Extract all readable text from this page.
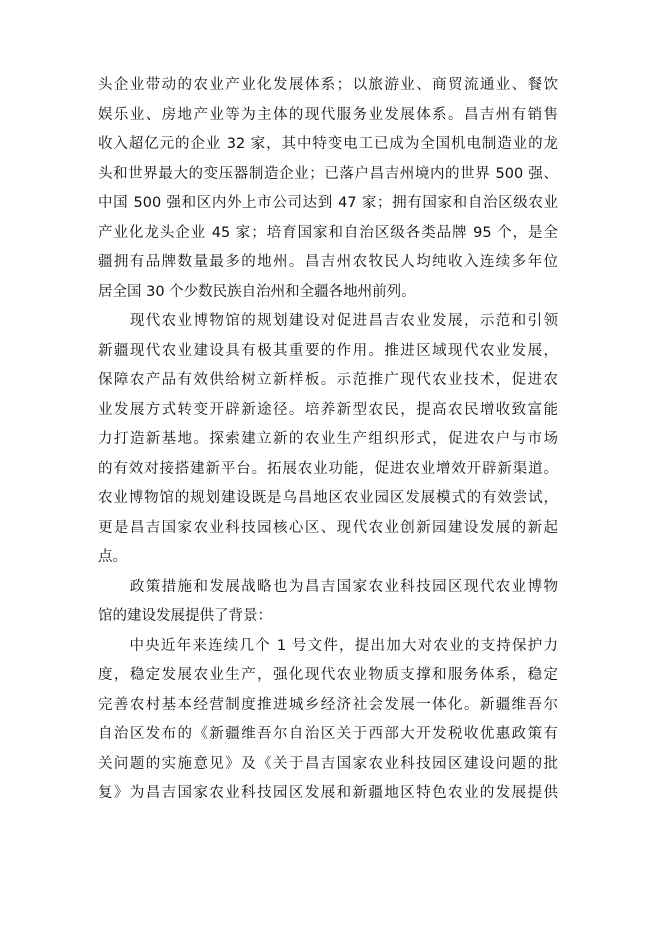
头企业带动的农业产业化发展体系；以旅游业、商贸流通业、餐饮
娱乐业、房地产业等为主体的现代服务业发展体系。昌吉州有销售
收入超亿元的企业 32 家，其中特变电工已成为全国机电制造业的龙
头和世界最大的变压器制造企业；已落户昌吉州境内的世界 500 强、
中国 500 强和区内外上市公司达到 47 家；拥有国家和自治区级农业
产业化龙头企业 45 家；培育国家和自治区级各类品牌 95 个，是全
疆拥有品牌数量最多的地州。昌吉州农牧民人均纯收入连续多年位
居全国 30 个少数民族自治州和全疆各地州前列。
　　现代农业博物馆的规划建设对促进昌吉农业发展，示范和引领
新疆现代农业建设具有极其重要的作用。推进区域现代农业发展，
保障农产品有效供给树立新样板。示范推广现代农业技术，促进农
业发展方式转变开辟新途径。培养新型农民，提高农民增收致富能
力打造新基地。探索建立新的农业生产组织形式，促进农户与市场
的有效对接搭建新平台。拓展农业功能，促进农业增效开辟新渠道。
农业博物馆的规划建设既是乌昌地区农业园区发展模式的有效尝试，
更是昌吉国家农业科技园核心区、现代农业创新园建设发展的新起
点。
　　政策措施和发展战略也为昌吉国家农业科技园区现代农业博物
馆的建设发展提供了背景：
　　中央近年来连续几个 1 号文件，提出加大对农业的支持保护力
度，稳定发展农业生产，强化现代农业物质支撑和服务体系，稳定
完善农村基本经营制度推进城乡经济社会发展一体化。新疆维吾尔
自治区发布的《新疆维吾尔自治区关于西部大开发税收优惠政策有
关问题的实施意见》及《关于昌吉国家农业科技园区建设问题的批
复》为昌吉国家农业科技园区发展和新疆地区特色农业的发展提供
